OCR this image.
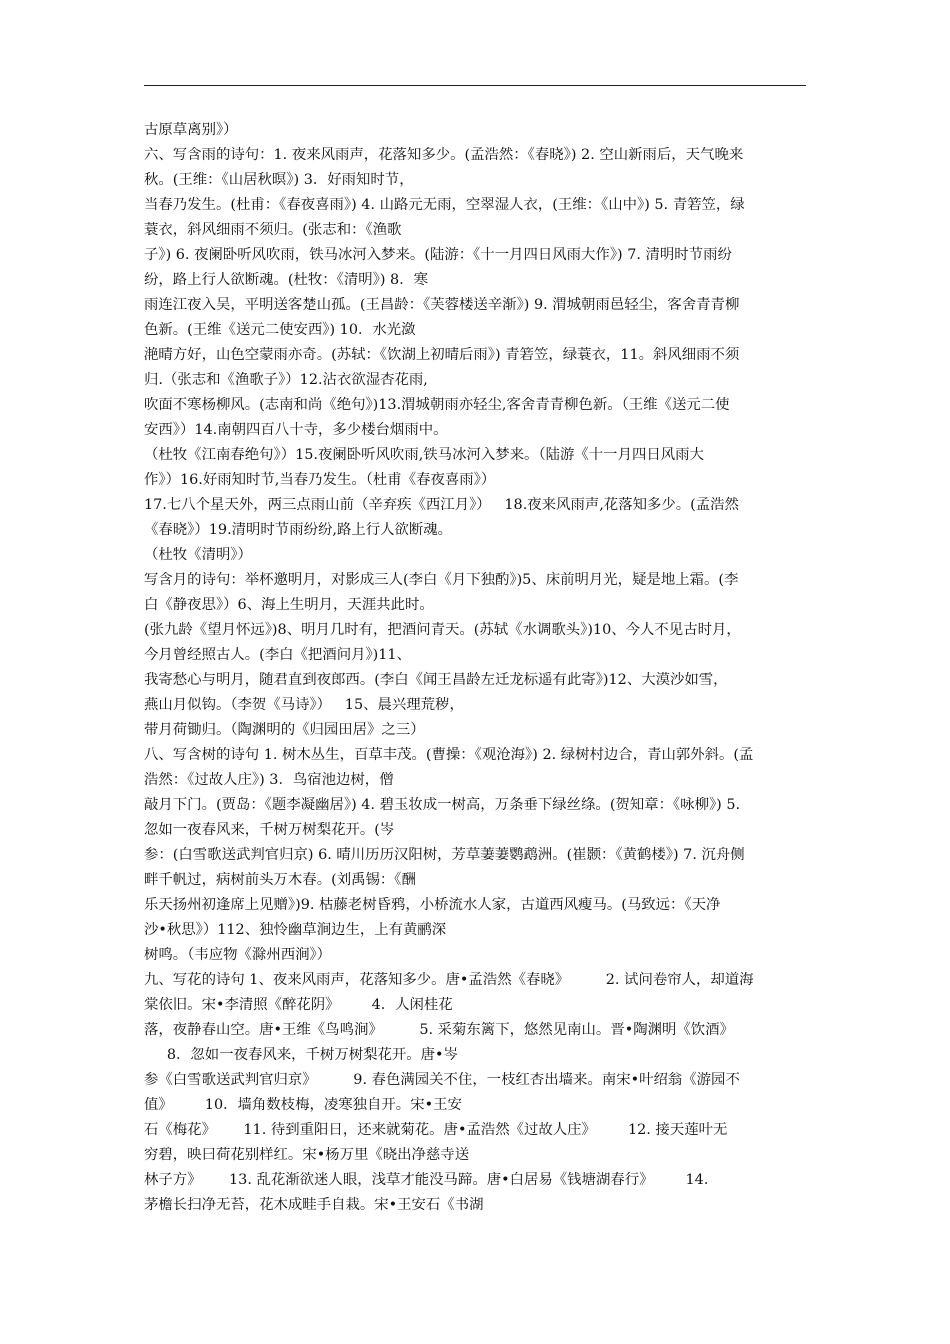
古原草离别》）
六、写含雨的诗句：1. 夜来风雨声，花落知多少。(孟浩然：《春晓》) 2. 空山新雨后，天气晚来
秋。(王维：《山居秋暝》) 3．好雨知时节，
当春乃发生。(杜甫：《春夜喜雨》) 4. 山路元无雨，空翠湿人衣，(王维：《山中》) 5. 青箬笠，绿
蓑衣，斜风细雨不须归。(张志和：《渔歌
子》) 6. 夜阑卧听风吹雨，铁马冰河入梦来。(陆游：《十一月四日风雨大作》) 7. 清明时节雨纷
纷，路上行人欲断魂。(杜牧：《清明》) 8．寒
雨连江夜入吴，平明送客楚山孤。(王昌龄：《芙蓉楼送辛渐》) 9. 渭城朝雨邑轻尘，客舍青青柳
色新。(王维《送元二使安西》) 10．水光潋
滟晴方好，山色空蒙雨亦奇。(苏轼：《饮湖上初晴后雨》) 青箬笠，绿蓑衣，11。斜风细雨不须
归.（张志和《渔歌子》）12.沾衣欲湿杏花雨,
吹面不寒杨柳风。(志南和尚《绝句》)13.渭城朝雨亦轻尘,客舍青青柳色新。（王维《送元二使
安西》）14.南朝四百八十寺，多少楼台烟雨中。
（杜牧《江南春绝句》）15.夜阑卧听风吹雨,铁马冰河入梦来。（陆游《十一月四日风雨大
作》）16.好雨知时节,当春乃发生。（杜甫《春夜喜雨》）
17.七八个星天外，两三点雨山前（辛弃疾《西江月》）   18.夜来风雨声,花落知多少。(孟浩然
《春晓》）19.清明时节雨纷纷,路上行人欲断魂。
（杜牧《清明》）
写含月的诗句：举杯邀明月，对影成三人(李白《月下独酌》)5、床前明月光，疑是地上霜。(李
白《静夜思》）6、海上生明月，天涯共此时。
(张九龄《望月怀远》)8、明月几时有，把酒问青天。(苏轼《水调歌头》)10、今人不见古时月，
今月曾经照古人。(李白《把酒问月》)11、
我寄愁心与明月，随君直到夜郎西。(李白《闻王昌龄左迁龙标遥有此寄》)12、大漠沙如雪，
燕山月似钩。（李贺《马诗》）   15、晨兴理荒秽，
带月荷锄归。（陶渊明的《归园田居》之三）
八、写含树的诗句 1. 树木丛生，百草丰茂。(曹操：《观沧海》) 2. 绿树村边合，青山郭外斜。(孟
浩然：《过故人庄》) 3．鸟宿池边树，僧
敲月下门。(贾岛：《题李凝幽居》) 4. 碧玉妆成一树高，万条垂下绿丝绦。(贺知章：《咏柳》) 5.
忽如一夜春风来，千树万树梨花开。(岑
参：(白雪歌送武判官归京) 6. 晴川历历汉阳树，芳草萋萋鹦鹉洲。(崔颢：《黄鹤楼》) 7. 沉舟侧
畔千帆过，病树前头万木春。(刘禹锡：《酬
乐天扬州初逢席上见赠》)9. 枯藤老树昏鸦，小桥流水人家，古道西风瘦马。(马致远：《天净
沙•秋思》）112、独怜幽草涧边生，上有黄鹂深
树鸣。（韦应物《滁州西涧》）
九、写花的诗句 1、夜来风雨声，花落知多少。唐•孟浩然《春晓》        2. 试问卷帘人，却道海
棠依旧。宋•李清照《醉花阴》       4．人闲桂花
落，夜静春山空。唐•王维《鸟鸣涧》        5. 采菊东篱下，悠然见南山。晋•陶渊明《饮酒》
8．忽如一夜春风来，千树万树梨花开。唐•岑
参《白雪歌送武判官归京》        9. 春色满园关不住，一枝红杏出墙来。南宋•叶绍翁《游园不
值》       10．墙角数枝梅，凌寒独自开。宋•王安
石《梅花》      11. 待到重阳日，还来就菊花。唐•孟浩然《过故人庄》       12. 接天莲叶无
穷碧，映曰荷花别样红。宋•杨万里《晓出净慈寺送
林子方》      13. 乱花渐欲迷人眼，浅草才能没马蹄。唐•白居易《钱塘湖春行》       14．
茅檐长扫净无苔，花木成畦手自栽。宋•王安石《书湖
